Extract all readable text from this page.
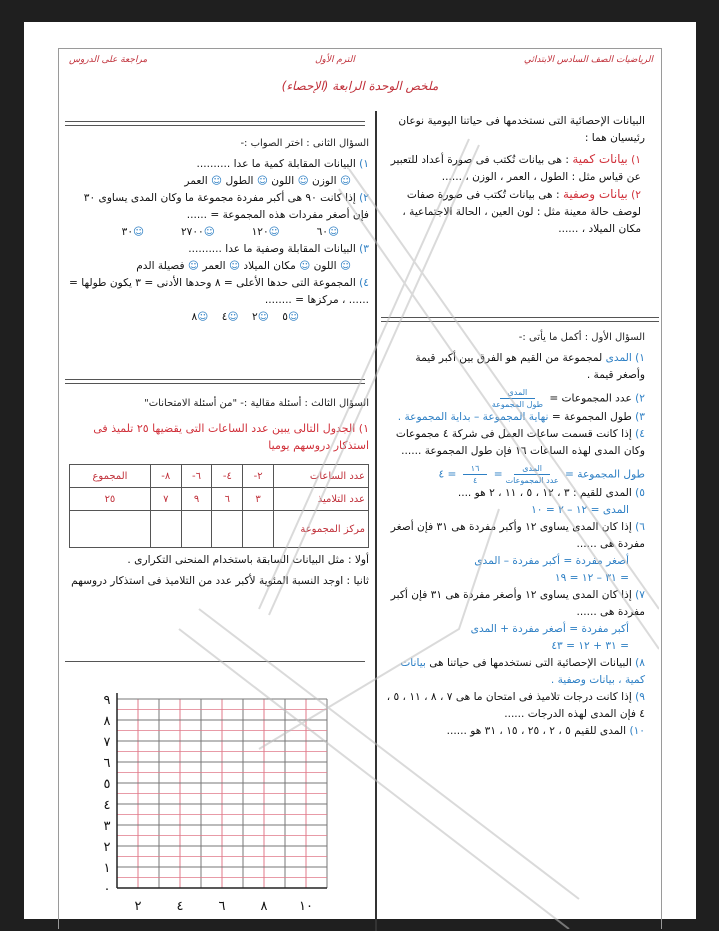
الرياضيات الصف السادس الابتدائي
الترم الأول
مراجعة على الدروس
ملخص الوحدة الرابعة (الإحصاء)
البيانات الإحصائية التى نستخدمها فى حياتنا اليومية نوعان رئيسيان هما :
١) بيانات كمية : هى بيانات تُكتب فى صورة أعداد للتعبير عن قياس مثل : الطول ، العمر ، الوزن ، ......
٢) بيانات وصفية : هى بيانات تُكتب فى صورة صفات لوصف حالة معينة مثل : لون العين ، الحالة الاجتماعية ، مكان الميلاد ، ......
السؤال الأول : أكمل ما يأتى :-
١) المدى لمجموعة من القيم هو الفرق بين أكبر قيمة وأصغر قيمة .
٢) عدد المجموعات =
$\frac{\text{المدى}}{\text{طول المجموعة}}$
٣) طول المجموعة = نهاية المجموعة – بداية المجموعة .
٤) إذا كانت قسمت ساعات العمل فى شركة ٤ مجموعات وكان المدى لهذه الساعات ١٦ فإن طول المجموعة ......
طول المجموعة =
$\frac{\text{المدى}}{\text{عدد المجموعات}}$
=
$\frac{١٦}{٤}$
= ٤
٥) المدى للقيم : ٣ ، ١٢ ، ٥ ، ١١ ، ٢ هو ....
المدى = ١٢ – ٢ = ١٠
٦) إذا كان المدى يساوى ١٢ وأكبر مفردة هى ٣١ فإن أصغر مفردة هى ......
أصغر مفردة = أكبر مفردة – المدى
= ٣١ – ١٢ = ١٩
٧) إذا كان المدى يساوى ١٢ وأصغر مفردة هى ٣١ فإن أكبر مفردة هى ......
أكبر مفردة = أصغر مفردة + المدى
= ٣١ + ١٢ = ٤٣
٨) البيانات الإحصائية التى نستخدمها فى حياتنا هى بيانات كمية ، بيانات وصفية .
٩) إذا كانت درجات تلاميذ فى امتحان ما هى ٧ ، ٨ ، ١١ ، ٥ ، ٤ فإن المدى لهذه الدرجات ......
١٠) المدى للقيم ٥ ، ٢ ، ٢٥ ، ١٥ ، ٣١ هو ......
السؤال الثانى : اختر الصواب :-
١) البيانات المقابلة كمية ما عدا ..........
☺ الوزن ☺ اللون ☺ الطول ☺ العمر
٢) إذا كانت ٩٠ هى أكبر مفردة مجموعة ما وكان المدى يساوى ٣٠ فإن أصغر مفردات هذه المجموعة = ......
☺٦٠     ☺١٢٠     ☺٢٧٠٠     ☺٣٠
٣) البيانات المقابلة وصفية ما عدا ..........
☺ اللون ☺ مكان الميلاد ☺ العمر ☺ فصيلة الدم
٤) المجموعة التى حدها الأعلى = ٨ وحدها الأدنى = ٣ يكون طولها = ...... ، مركزها = ........
☺٥    ☺٢    ☺٤    ☺٨
السؤال الثالث : أسئلة مقالية :- "من أسئلة الامتحانات"
١) الجدول التالى يبين عدد الساعات التى يقضيها ٢٥ تلميذ فى استذكار دروسهم يوميا
عدد الساعات	٢-	٤-	٦-	٨-	المجموع
عدد التلاميذ	٣	٦	٩	٧	٢٥
مركز المجموعة					
أولا : مثل البيانات السابقة باستخدام المنحنى التكرارى .
ثانيا : اوجد النسبة المئوية لأكبر عدد من التلاميذ فى استذكار دروسهم
٠
١
٢
٣
٤
٥
٦
٧
٨
٩
٢	٤	٦	٨ ١٠
